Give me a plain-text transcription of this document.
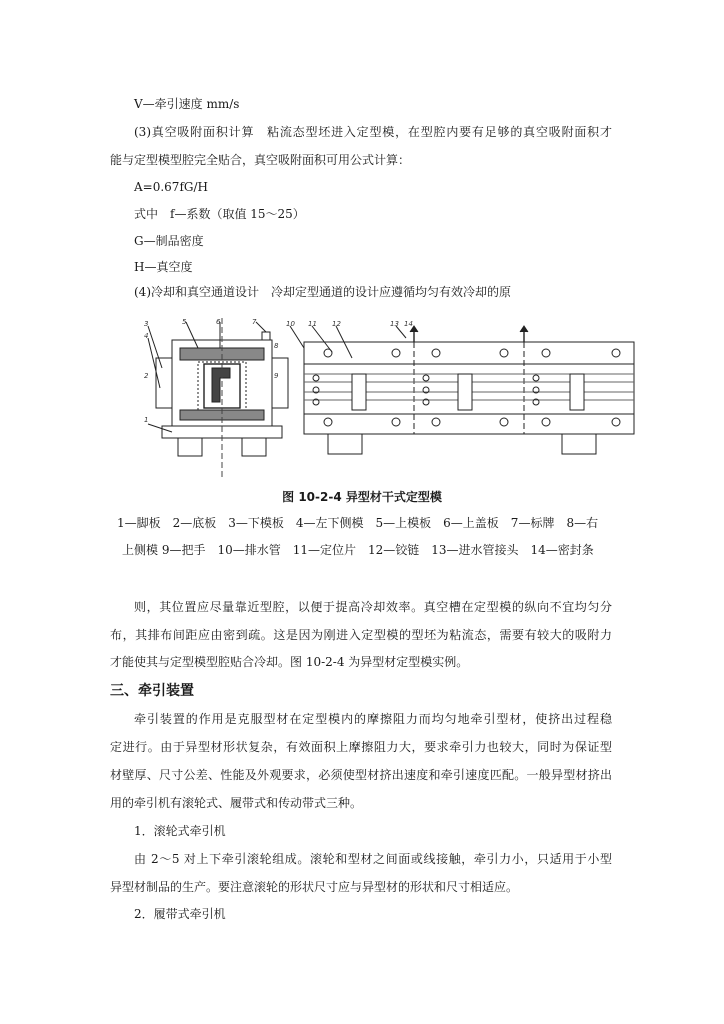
V—牵引速度 mm/s
(3)真空吸附面积计算　粘流态型坯进入定型模，在型腔内要有足够的真空吸附面积才
能与定型模型腔完全贴合，真空吸附面积可用公式计算：
A=0.67fG/H
式中　f—系数（取值 15～25）
G—制品密度
H—真空度
(4)冷却和真空通道设计　冷却定型通道的设计应遵循均匀有效冷却的原
3
4
1
2
5	6	7
8
9
10 11 12	13 14
图 10-2-4 异型材干式定型模
1—脚板　2—底板　3—下模板　4—左下侧模　5—上模板　6—上盖板　7—标牌　8—右
上侧模 9—把手　10—排水管　11—定位片　12—铰链　13—进水管接头　14—密封条
则，其位置应尽量靠近型腔，以便于提高冷却效率。真空槽在定型模的纵向不宜均匀分
布，其排布间距应由密到疏。这是因为刚进入定型模的型坯为粘流态，需要有较大的吸附力
才能使其与定型模型腔贴合冷却。图 10-2-4 为异型材定型模实例。
三、牵引装置
牵引装置的作用是克服型材在定型模内的摩擦阻力而均匀地牵引型材，使挤出过程稳
定进行。由于异型材形状复杂，有效面积上摩擦阻力大，要求牵引力也较大，同时为保证型
材壁厚、尺寸公差、性能及外观要求，必须使型材挤出速度和牵引速度匹配。一般异型材挤出
用的牵引机有滚轮式、履带式和传动带式三种。
1．滚轮式牵引机
由 2～5 对上下牵引滚轮组成。滚轮和型材之间面或线接触，牵引力小，只适用于小型
异型材制品的生产。要注意滚轮的形状尺寸应与异型材的形状和尺寸相适应。
2．履带式牵引机
